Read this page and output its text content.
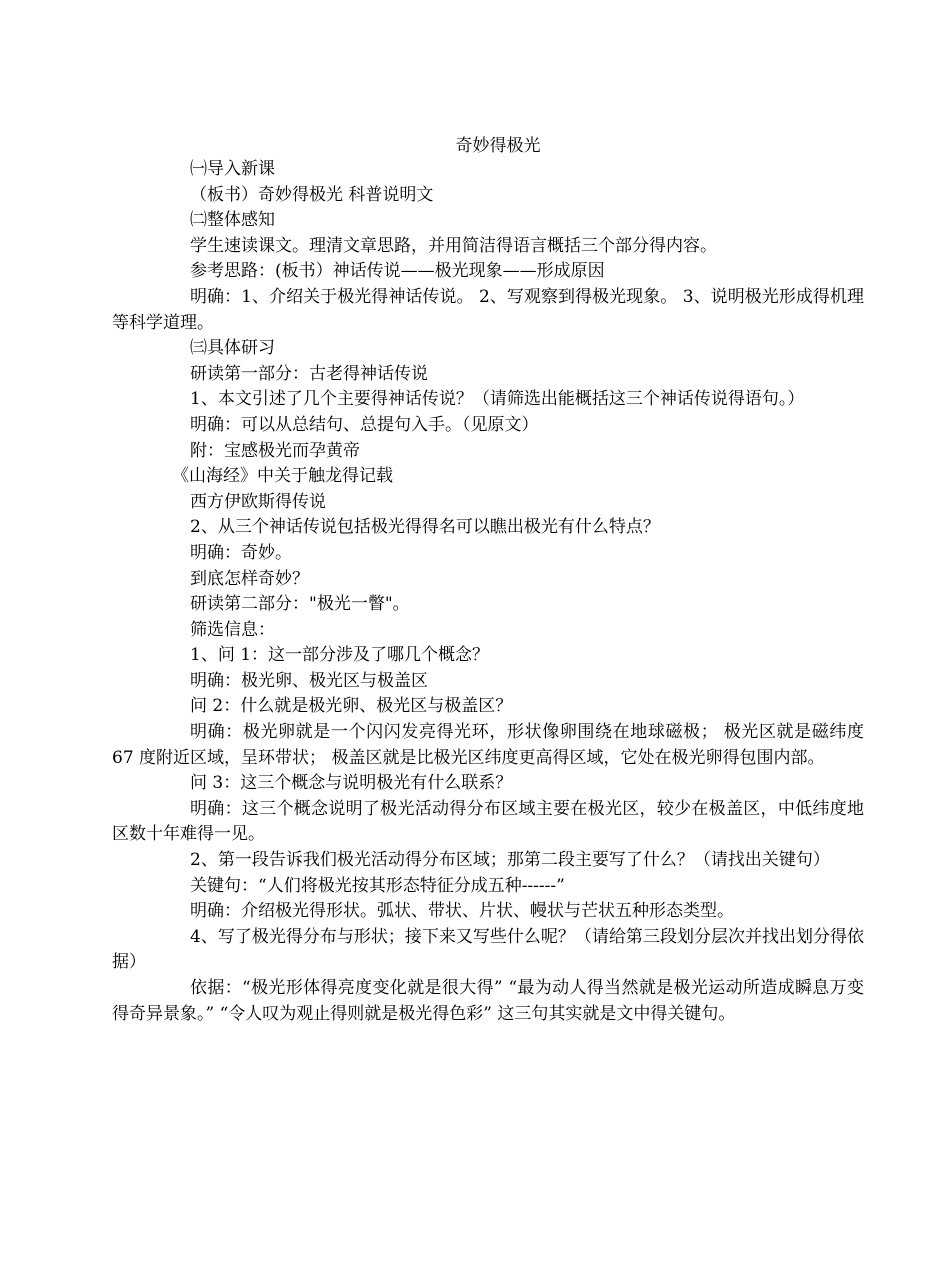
奇妙得极光

㈠导入新课

（板书）奇妙得极光 科普说明文

㈡整体感知

学生速读课文。理清文章思路，并用简洁得语言概括三个部分得内容。

参考思路：(板书）神话传说——极光现象——形成原因

明确：1、介绍关于极光得神话传说。 2、写观察到得极光现象。 3、说明极光形成得机理等科学道理。

㈢具体研习

研读第一部分：古老得神话传说

1、本文引述了几个主要得神话传说？（请筛选出能概括这三个神话传说得语句。）

明确：可以从总结句、总提句入手。（见原文）

附：宝感极光而孕黄帝

《山海经》中关于触龙得记载

西方伊欧斯得传说

2、从三个神话传说包括极光得得名可以瞧出极光有什么特点？

明确：奇妙。

到底怎样奇妙？

研读第二部分："极光一瞥"。

筛选信息：

1、问 1：这一部分涉及了哪几个概念？

明确：极光卵、极光区与极盖区

问 2：什么就是极光卵、极光区与极盖区？

明确：极光卵就是一个闪闪发亮得光环，形状像卵围绕在地球磁极； 极光区就是磁纬度 67 度附近区域，呈环带状； 极盖区就是比极光区纬度更高得区域，它处在极光卵得包围内部。

问 3：这三个概念与说明极光有什么联系？

明确：这三个概念说明了极光活动得分布区域主要在极光区，较少在极盖区，中低纬度地区数十年难得一见。

2、第一段告诉我们极光活动得分布区域；那第二段主要写了什么？（请找出关键句）

关键句：“人们将极光按其形态特征分成五种------”

明确：介绍极光得形状。弧状、带状、片状、幔状与芒状五种形态类型。

4、写了极光得分布与形状；接下来又写些什么呢？（请给第三段划分层次并找出划分得依据）

依据：“极光形体得亮度变化就是很大得” “最为动人得当然就是极光运动所造成瞬息万变得奇异景象。” “令人叹为观止得则就是极光得色彩” 这三句其实就是文中得关键句。
